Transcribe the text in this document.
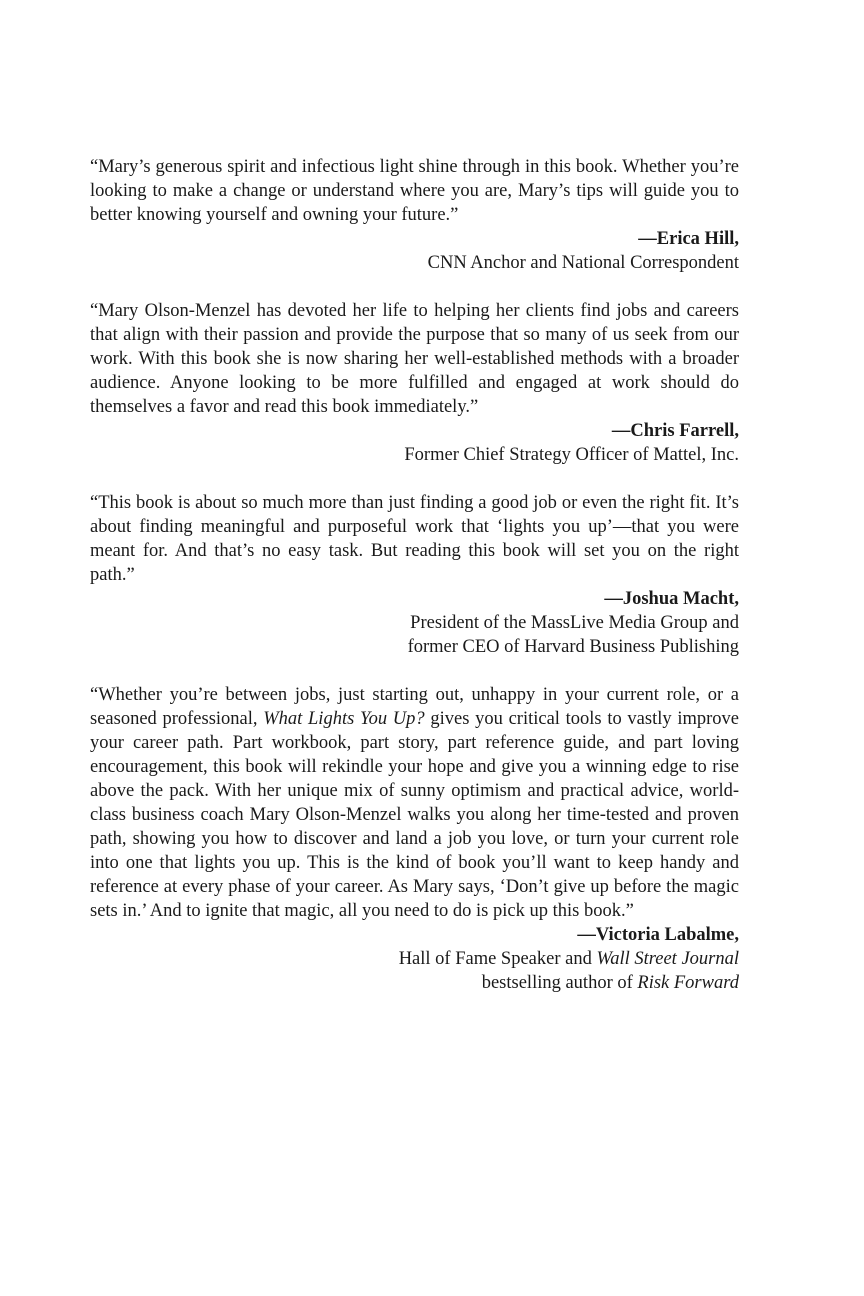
“Mary’s generous spirit and infectious light shine through in this book. Whether you’re looking to make a change or understand where you are, Mary’s tips will guide you to better knowing yourself and owning your future.”

—Erica Hill,

CNN Anchor and National Correspondent

“Mary Olson-Menzel has devoted her life to helping her clients find jobs and careers that align with their passion and provide the purpose that so many of us seek from our work. With this book she is now sharing her well-established methods with a broader audience. Anyone looking to be more fulfilled and engaged at work should do themselves a favor and read this book immediately.”

—Chris Farrell,

Former Chief Strategy Officer of Mattel, Inc.

“This book is about so much more than just finding a good job or even the right fit. It’s about finding meaningful and purposeful work that ‘lights you up’—that you were meant for. And that’s no easy task. But reading this book will set you on the right path.”

—Joshua Macht,

President of the MassLive Media Group and

former CEO of Harvard Business Publishing

“Whether you’re between jobs, just starting out, unhappy in your current role, or a seasoned professional, What Lights You Up? gives you critical tools to vastly improve your career path. Part workbook, part story, part reference guide, and part loving encouragement, this book will rekindle your hope and give you a winning edge to rise above the pack. With her unique mix of sunny optimism and practical advice, world-class business coach Mary Olson-Menzel walks you along her time-tested and proven path, showing you how to discover and land a job you love, or turn your current role into one that lights you up. This is the kind of book you’ll want to keep handy and reference at every phase of your career. As Mary says, ‘Don’t give up before the magic sets in.’ And to ignite that magic, all you need to do is pick up this book.”

—Victoria Labalme,

Hall of Fame Speaker and Wall Street Journal

bestselling author of Risk Forward
